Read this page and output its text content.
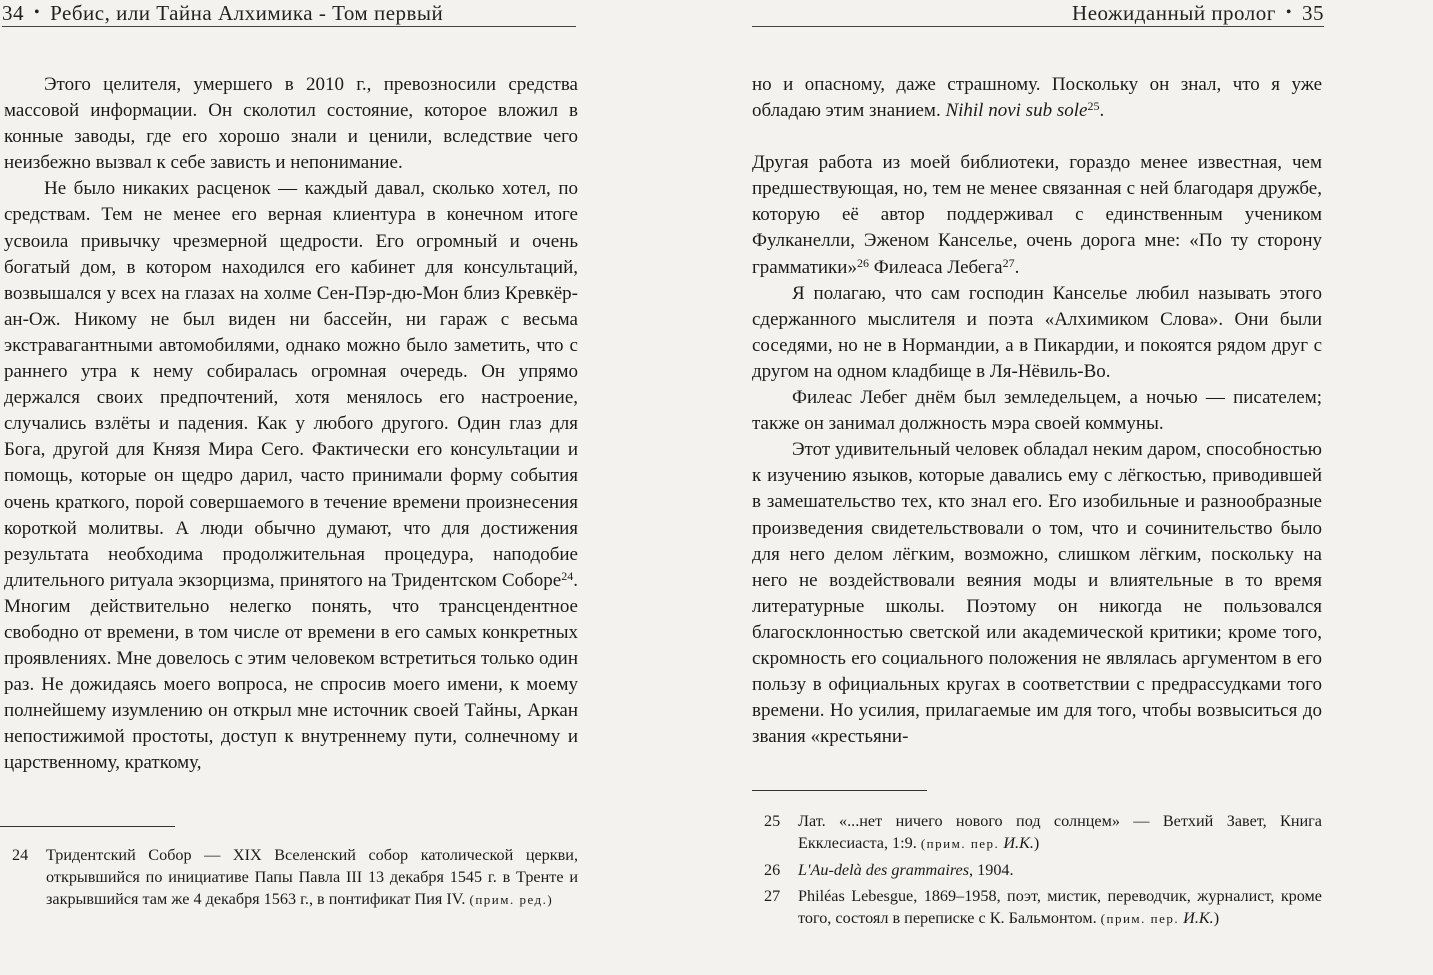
34 • Ребис, или Тайна Алхимика - Том первый

Этого целителя, умершего в 2010 г., превозносили средства массовой информации. Он сколотил состояние, которое вложил в конные заводы, где его хорошо знали и ценили, вследствие чего неизбежно вызвал к себе зависть и непонимание.

Не было никаких расценок — каждый давал, сколько хотел, по средствам. Тем не менее его верная клиентура в конечном итоге усвоила привычку чрезмерной щедрости. Его огромный и очень богатый дом, в котором находился его кабинет для консультаций, возвышался у всех на глазах на холме Сен-Пэр-дю-Мон близ Кревкёр-ан-Ож. Никому не был виден ни бассейн, ни гараж с весьма экстравагантными автомобилями, однако можно было заметить, что с раннего утра к нему собиралась огромная очередь. Он упрямо держался своих предпочтений, хотя менялось его настроение, случались взлёты и падения. Как у любого другого. Один глаз для Бога, другой для Князя Мира Сего. Фактически его консультации и помощь, которые он щедро дарил, часто принимали форму события очень краткого, порой совершаемого в течение времени произнесения короткой молитвы. А люди обычно думают, что для достижения результата необходима продолжительная процедура, наподобие длительного ритуала экзорцизма, принятого на Тридентском Соборе$^{24}$. Многим действительно нелегко понять, что трансцендентное свободно от времени, в том числе от времени в его самых конкретных проявлениях. Мне довелось с этим человеком встретиться только один раз. Не дожидаясь моего вопроса, не спросив моего имени, к моему полнейшему изумлению он открыл мне источник своей Тайны, Аркан непостижимой простоты, доступ к внутреннему пути, солнечному и царственному, краткому,

24	Тридентский Собор — XIX Вселенский собор католической церкви, открывшийся по инициативе Папы Павла III 13 декабря 1545 г. в Тренте и закрывшийся там же 4 декабря 1563 г., в понтификат Пия IV. (прим. ред.)
Неожиданный пролог • 35

но и опасному, даже страшному. Поскольку он знал, что я уже обладаю этим знанием. Nihil novi sub sole$^{25}$.

Другая работа из моей библиотеки, гораздо менее известная, чем предшествующая, но, тем не менее связанная с ней благодаря дружбе, которую её автор поддерживал с единственным учеником Фулканелли, Эженом Канселье, очень дорога мне: «По ту сторону грамматики»$^{26}$ Филеаса Лебега$^{27}$.

Я полагаю, что сам господин Канселье любил называть этого сдержанного мыслителя и поэта «Алхимиком Слова». Они были соседями, но не в Нормандии, а в Пикардии, и покоятся рядом друг с другом на одном кладбище в Ля-Нёвиль-Во.

Филеас Лебег днём был земледельцем, а ночью — писателем; также он занимал должность мэра своей коммуны.

Этот удивительный человек обладал неким даром, способностью к изучению языков, которые давались ему с лёгкостью, приводившей в замешательство тех, кто знал его. Его изобильные и разнообразные произведения свидетельствовали о том, что и сочинительство было для него делом лёгким, возможно, слишком лёгким, поскольку на него не воздействовали веяния моды и влиятельные в то время литературные школы. Поэтому он никогда не пользовался благосклонностью светской или академической критики; кроме того, скромность его социального положения не являлась аргументом в его пользу в официальных кругах в соответствии с предрассудками того времени. Но усилия, прилагаемые им для того, чтобы возвыситься до звания «крестьяни-

25	Лат. «...нет ничего нового под солнцем» — Ветхий Завет, Книга Екклесиаста, 1:9. (прим. пер. И.К.)
26	L'Au-delà des grammaires, 1904.
27	Philéas Lebesgue, 1869–1958, поэт, мистик, переводчик, журналист, кроме того, состоял в переписке с К. Бальмонтом. (прим. пер. И.К.)
